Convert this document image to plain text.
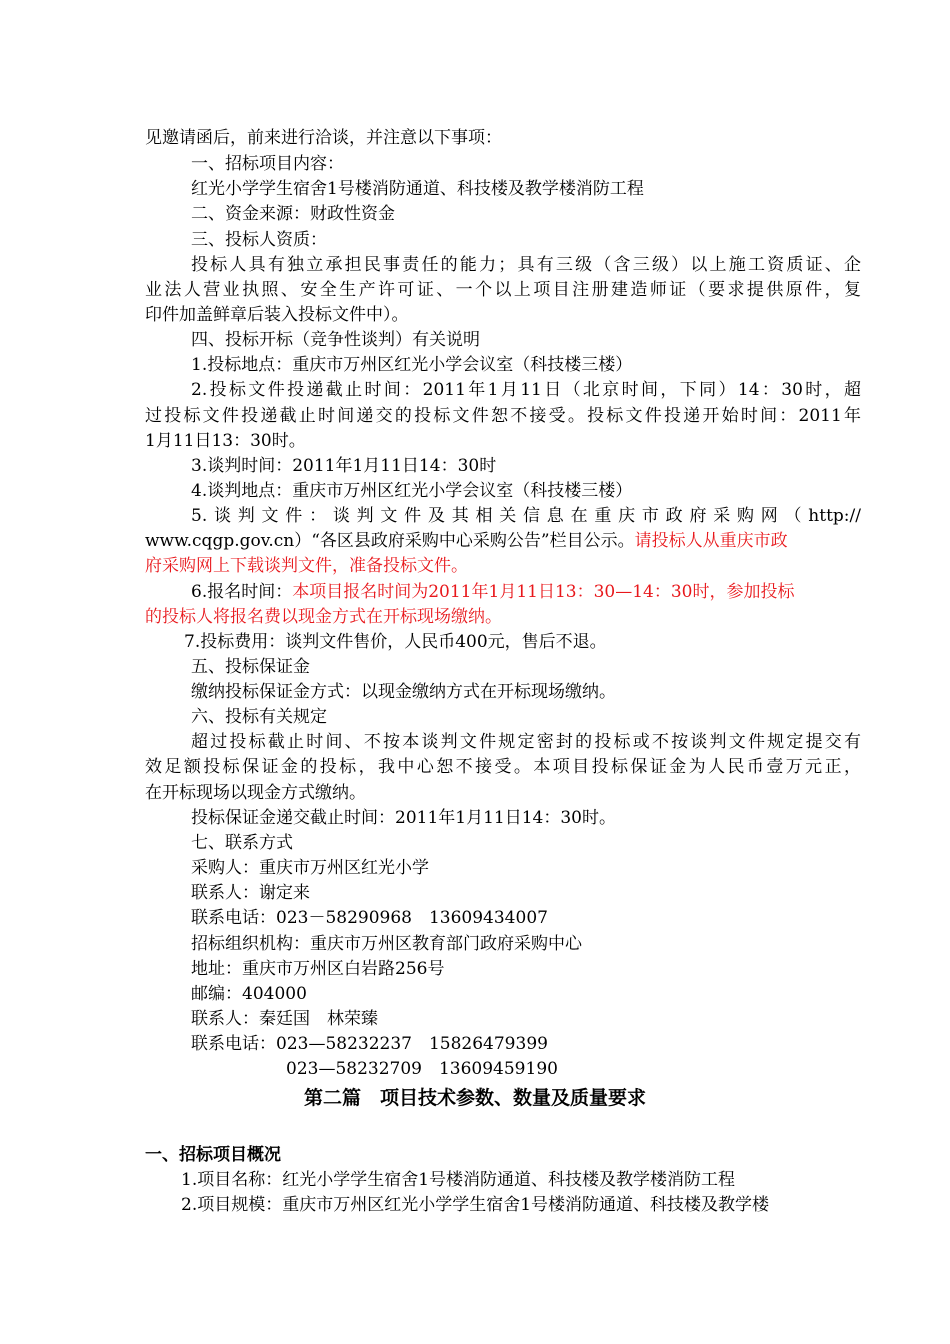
见邀请函后，前来进行洽谈，并注意以下事项：
一、招标项目内容：
红光小学学生宿舍1号楼消防通道、科技楼及教学楼消防工程
二、资金来源：财政性资金
三、投标人资质：
投标人具有独立承担民事责任的能力；具有三级（含三级）以上施工资质证、企
业法人营业执照、安全生产许可证、一个以上项目注册建造师证（要求提供原件，复
印件加盖鲜章后装入投标文件中）。
四、投标开标（竞争性谈判）有关说明
1.投标地点：重庆市万州区红光小学会议室（科技楼三楼）
2.投标文件投递截止时间：2011年1月11日（北京时间，下同）14：30时，超
过投标文件投递截止时间递交的投标文件恕不接受。投标文件投递开始时间：2011年
1月11日13：30时。
3.谈判时间：2011年1月11日14：30时
4.谈判地点：重庆市万州区红光小学会议室（科技楼三楼）
5.谈判文件：谈判文件及其相关信息在重庆市政府采购网（http://
www.cqgp.gov.cn）“各区县政府采购中心采购公告”栏目公示。请投标人从重庆市政
府采购网上下载谈判文件，准备投标文件。
6.报名时间：本项目报名时间为2011年1月11日13：30—14：30时，参加投标
的投标人将报名费以现金方式在开标现场缴纳。
7.投标费用：谈判文件售价，人民币400元，售后不退。
五、投标保证金
缴纳投标保证金方式：以现金缴纳方式在开标现场缴纳。
六、投标有关规定
超过投标截止时间、不按本谈判文件规定密封的投标或不按谈判文件规定提交有
效足额投标保证金的投标，我中心恕不接受。本项目投标保证金为人民币壹万元正，
在开标现场以现金方式缴纳。
投标保证金递交截止时间：2011年1月11日14：30时。
七、联系方式
采购人：重庆市万州区红光小学
联系人：谢定来
联系电话：023－58290968　13609434007
招标组织机构：重庆市万州区教育部门政府采购中心
地址：重庆市万州区白岩路256号
邮编：404000
联系人：秦廷国　林荣臻
联系电话：023—58232237　15826479399
023—58232709　13609459190
第二篇　项目技术参数、数量及质量要求
一、招标项目概况
1.项目名称：红光小学学生宿舍1号楼消防通道、科技楼及教学楼消防工程
2.项目规模：重庆市万州区红光小学学生宿舍1号楼消防通道、科技楼及教学楼
